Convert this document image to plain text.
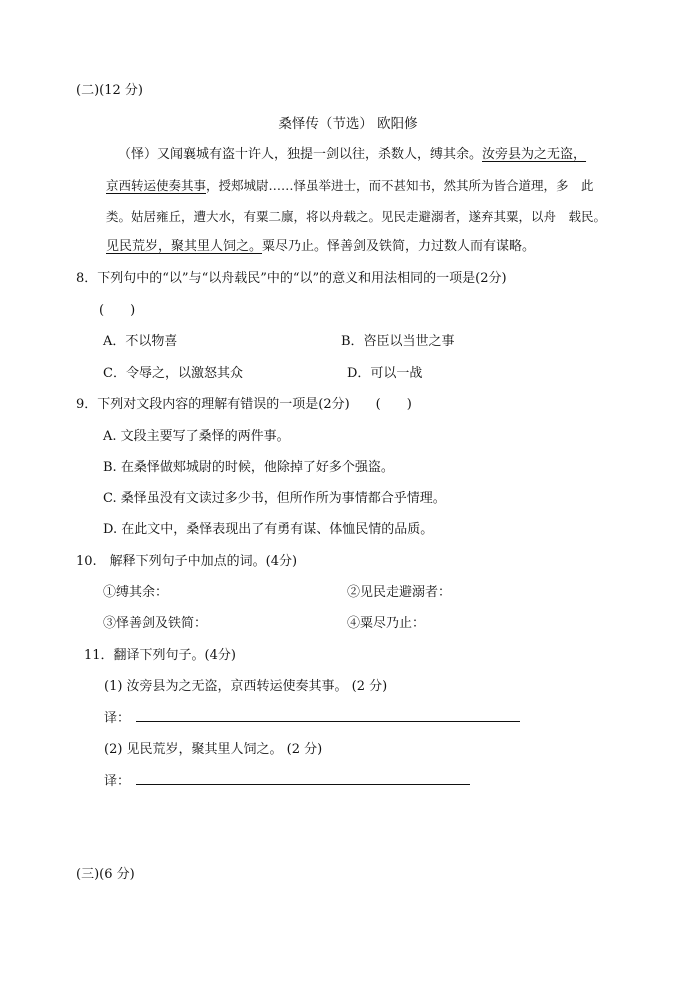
(二)(12 分)
桑怿传（节选） 欧阳修
（怿）又闻襄城有盗十许人，独提一剑以往，杀数人，缚其余。汝旁县为之无盗，
京西转运使奏其事，授郏城尉……怿虽举进士，而不甚知书，然其所为皆合道理，多　此
类。姑居雍丘，遭大水，有粟二廪，将以舟载之。见民走避溺者，遂弃其粟，以舟　载民。
见民荒岁，聚其里人饲之。粟尽乃止。怿善剑及铁简，力过数人而有谋略。
8．下列句中的“以”与“以舟载民”中的“以”的意义和用法相同的一项是(2分)
(　　)
A．不以物喜	B．咨臣以当世之事
C．令辱之，以激怒其众	D．可以一战
9．下列对文段内容的理解有错误的一项是(2分)　　(　　)
A. 文段主要写了桑怿的两件事。
B. 在桑怿做郏城尉的时候，他除掉了好多个强盗。
C. 桑怿虽没有文读过多少书，但所作所为事情都合乎情理。
D. 在此文中，桑怿表现出了有勇有谋、体恤民情的品质。
10.　解释下列句子中加点的词。(4分)
①缚其余：	②见民走避溺者：
③怿善剑及铁简：	④粟尽乃止：
11．翻译下列句子。(4分)
(1) 汝旁县为之无盗，京西转运使奏其事。 (2 分)
译：
(2) 见民荒岁，聚其里人饲之。 (2 分)
译：
(三)(6 分)
